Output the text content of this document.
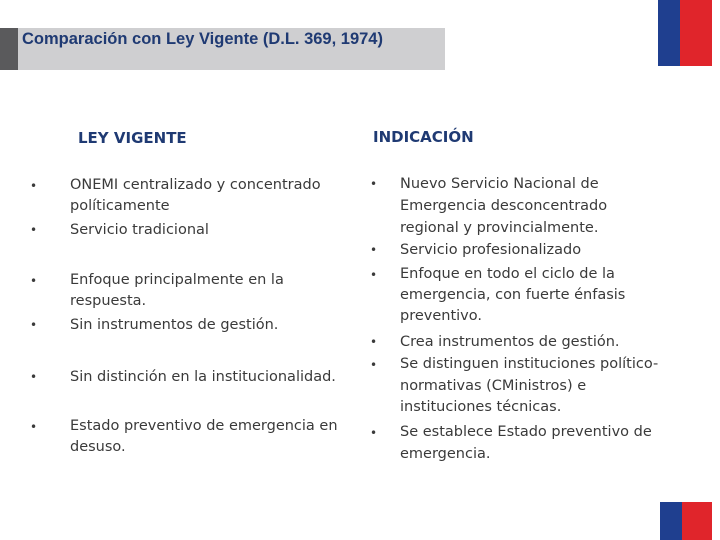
Comparación con Ley Vigente (D.L. 369, 1974)
LEY VIGENTE	INDICACIÓN
•	ONEMI centralizado y concentrado políticamente
•	Servicio tradicional
•	Enfoque principalmente en la respuesta.
•	Sin instrumentos de gestión.
•	Sin distinción en la institucionalidad.
•	Estado preventivo de emergencia en desuso.
•	Nuevo Servicio Nacional de Emergencia desconcentrado regional y provincialmente.
•	Servicio profesionalizado
•	Enfoque en todo el ciclo de la emergencia, con fuerte énfasis preventivo.
•	Crea instrumentos de gestión.
•	Se distinguen instituciones político-normativas (CMinistros) e instituciones técnicas.
•	Se establece Estado preventivo de emergencia.
